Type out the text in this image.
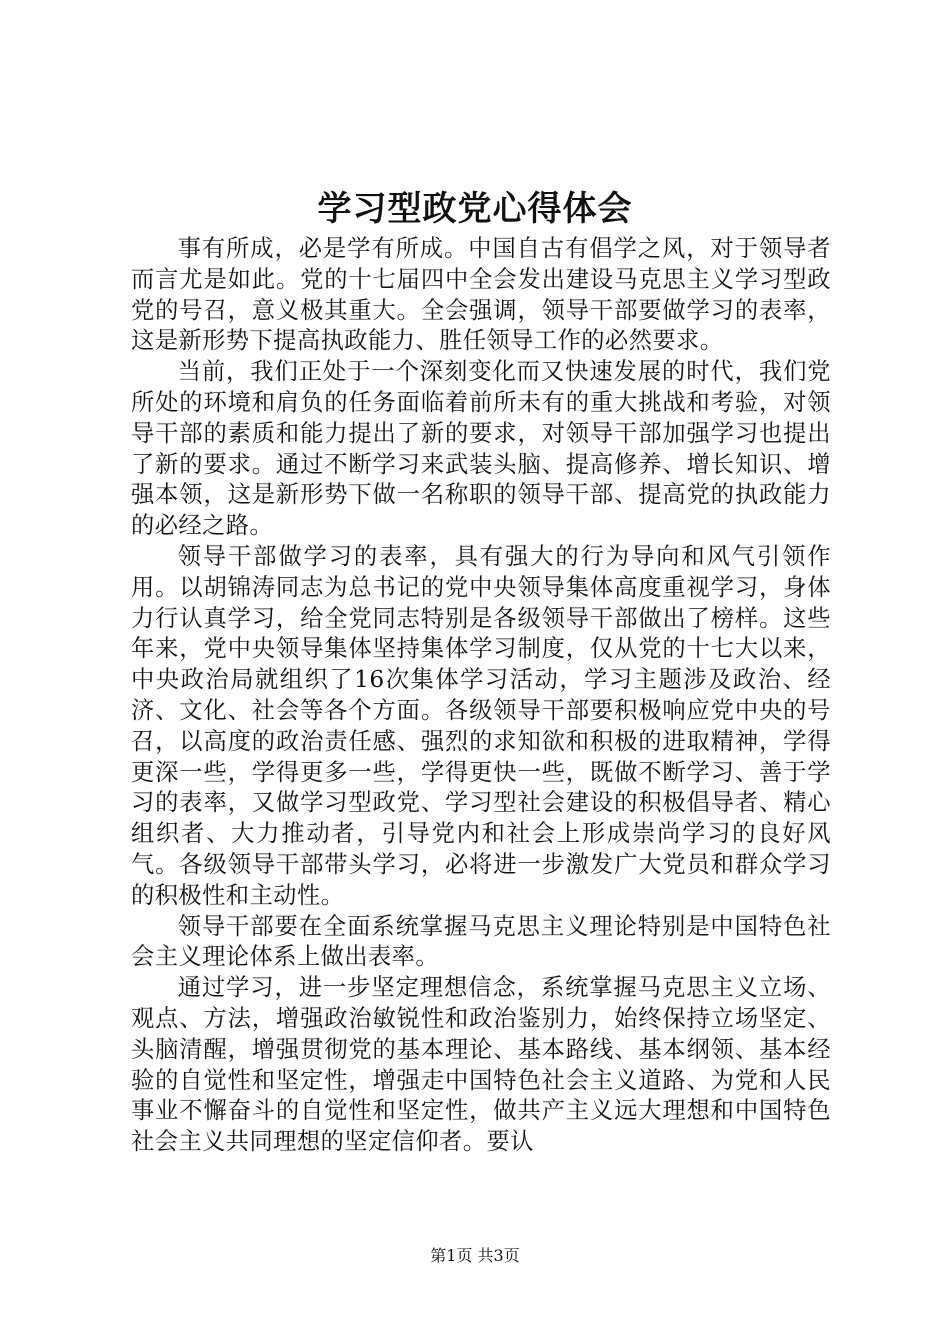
学习型政党心得体会

事有所成，必是学有所成。中国自古有倡学之风，对于领导者而言尤是如此。党的十七届四中全会发出建设马克思主义学习型政党的号召，意义极其重大。全会强调，领导干部要做学习的表率，这是新形势下提高执政能力、胜任领导工作的必然要求。

当前，我们正处于一个深刻变化而又快速发展的时代，我们党所处的环境和肩负的任务面临着前所未有的重大挑战和考验，对领导干部的素质和能力提出了新的要求，对领导干部加强学习也提出了新的要求。通过不断学习来武装头脑、提高修养、增长知识、增强本领，这是新形势下做一名称职的领导干部、提高党的执政能力的必经之路。

领导干部做学习的表率，具有强大的行为导向和风气引领作用。以胡锦涛同志为总书记的党中央领导集体高度重视学习，身体力行认真学习，给全党同志特别是各级领导干部做出了榜样。这些年来，党中央领导集体坚持集体学习制度，仅从党的十七大以来，中央政治局就组织了16次集体学习活动，学习主题涉及政治、经济、文化、社会等各个方面。各级领导干部要积极响应党中央的号召，以高度的政治责任感、强烈的求知欲和积极的进取精神，学得更深一些，学得更多一些，学得更快一些，既做不断学习、善于学习的表率，又做学习型政党、学习型社会建设的积极倡导者、精心组织者、大力推动者，引导党内和社会上形成崇尚学习的良好风气。各级领导干部带头学习，必将进一步激发广大党员和群众学习的积极性和主动性。

领导干部要在全面系统掌握马克思主义理论特别是中国特色社会主义理论体系上做出表率。

通过学习，进一步坚定理想信念，系统掌握马克思主义立场、观点、方法，增强政治敏锐性和政治鉴别力，始终保持立场坚定、头脑清醒，增强贯彻党的基本理论、基本路线、基本纲领、基本经验的自觉性和坚定性，增强走中国特色社会主义道路、为党和人民事业不懈奋斗的自觉性和坚定性，做共产主义远大理想和中国特色社会主义共同理想的坚定信仰者。要认

第1页 共3页
